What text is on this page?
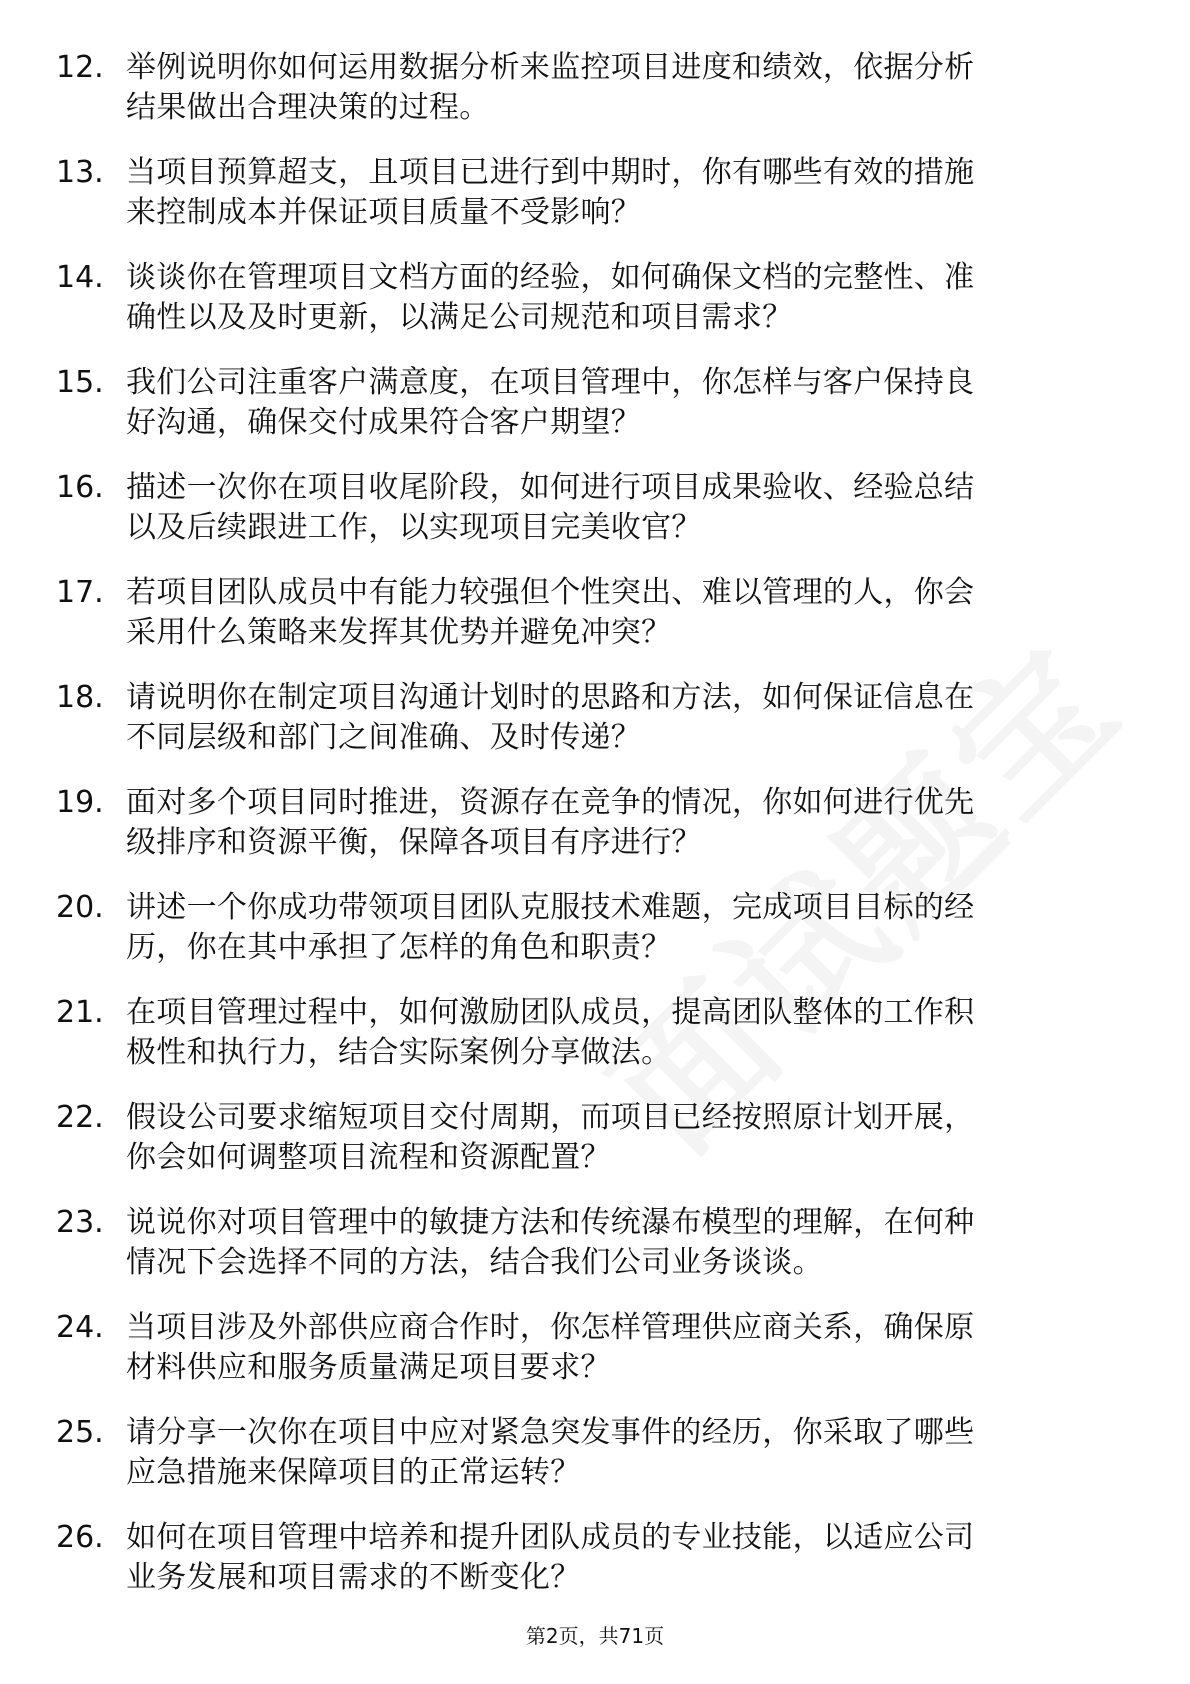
12. 举例说明你如何运用数据分析来监控项目进度和绩效，依据分析
结果做出合理决策的过程。
13. 当项目预算超支，且项目已进行到中期时，你有哪些有效的措施
来控制成本并保证项目质量不受影响？
14. 谈谈你在管理项目文档方面的经验，如何确保文档的完整性、准
确性以及及时更新，以满足公司规范和项目需求？
15. 我们公司注重客户满意度，在项目管理中，你怎样与客户保持良
好沟通，确保交付成果符合客户期望？
16. 描述一次你在项目收尾阶段，如何进行项目成果验收、经验总结
以及后续跟进工作，以实现项目完美收官？
17. 若项目团队成员中有能力较强但个性突出、难以管理的人，你会
采用什么策略来发挥其优势并避免冲突？
18. 请说明你在制定项目沟通计划时的思路和方法，如何保证信息在
不同层级和部门之间准确、及时传递？
19. 面对多个项目同时推进，资源存在竞争的情况，你如何进行优先
级排序和资源平衡，保障各项目有序进行？
20. 讲述一个你成功带领项目团队克服技术难题，完成项目目标的经
历，你在其中承担了怎样的角色和职责？
21. 在项目管理过程中，如何激励团队成员，提高团队整体的工作积
极性和执行力，结合实际案例分享做法。
22. 假设公司要求缩短项目交付周期，而项目已经按照原计划开展，
你会如何调整项目流程和资源配置？
23. 说说你对项目管理中的敏捷方法和传统瀑布模型的理解，在何种
情况下会选择不同的方法，结合我们公司业务谈谈。
24. 当项目涉及外部供应商合作时，你怎样管理供应商关系，确保原
材料供应和服务质量满足项目要求？
25. 请分享一次你在项目中应对紧急突发事件的经历，你采取了哪些
应急措施来保障项目的正常运转？
26. 如何在项目管理中培养和提升团队成员的专业技能，以适应公司
业务发展和项目需求的不断变化？
第2页，共71页
